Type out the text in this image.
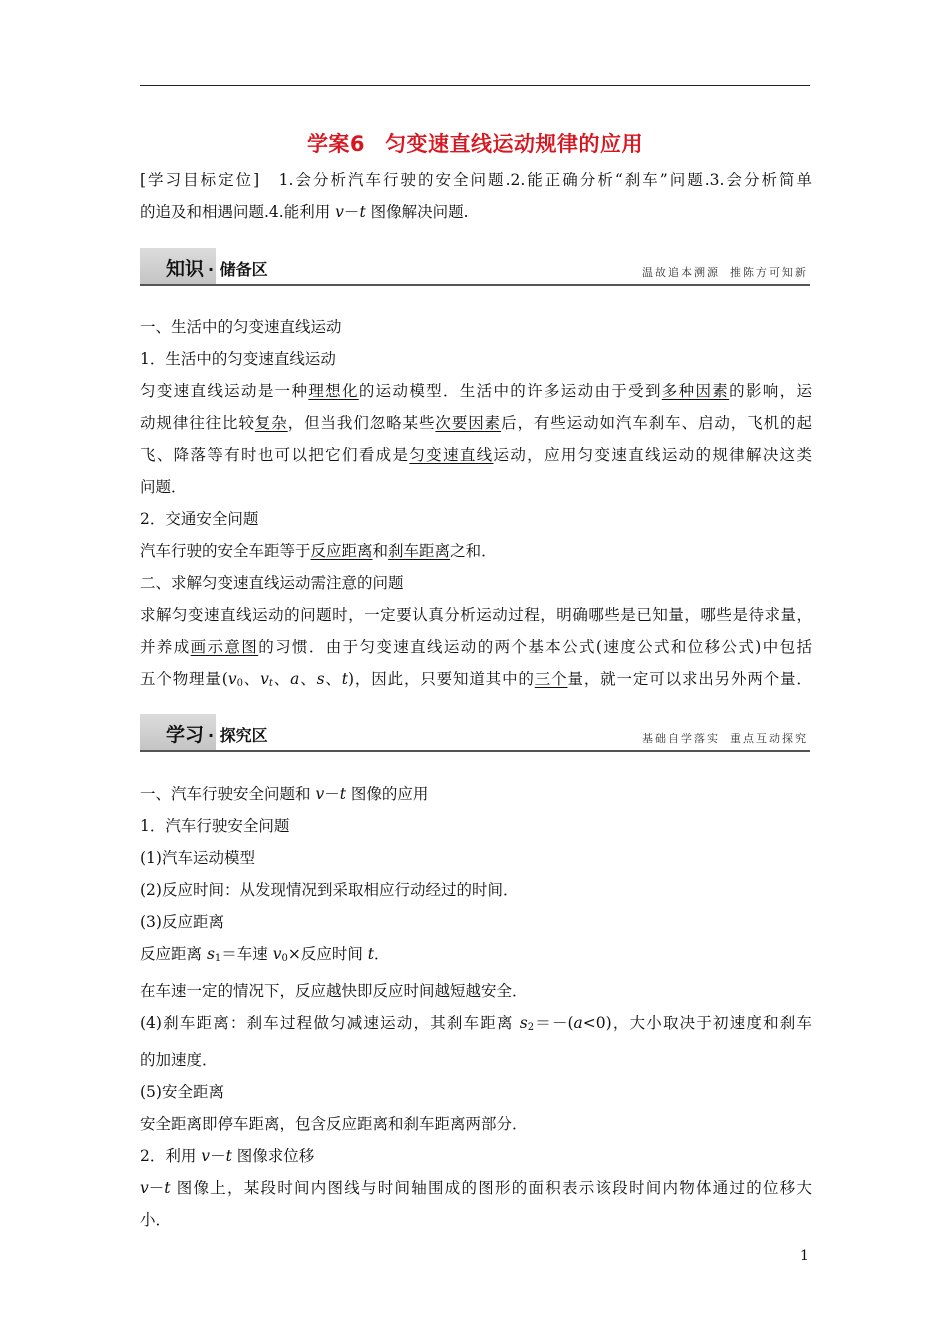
学案6 匀变速直线运动规律的应用
[学习目标定位]　1.会分析汽车行驶的安全问题.2.能正确分析“刹车”问题.3.会分析简单
的追及和相遇问题.4.能利用 v－t 图像解决问题.
知识 · 储备区	温故追本溯源 推陈方可知新
一、生活中的匀变速直线运动
1．生活中的匀变速直线运动
匀变速直线运动是一种理想化的运动模型．生活中的许多运动由于受到多种因素的影响，运
动规律往往比较复杂，但当我们忽略某些次要因素后，有些运动如汽车刹车、启动，飞机的起
飞、降落等有时也可以把它们看成是匀变速直线运动，应用匀变速直线运动的规律解决这类
问题．
2．交通安全问题
汽车行驶的安全车距等于反应距离和刹车距离之和．
二、求解匀变速直线运动需注意的问题
求解匀变速直线运动的问题时，一定要认真分析运动过程，明确哪些是已知量，哪些是待求量，
并养成画示意图的习惯．由于匀变速直线运动的两个基本公式(速度公式和位移公式)中包括
五个物理量($v_0$、$v_t$、a、s、t)，因此，只要知道其中的三个量，就一定可以求出另外两个量．
学习 · 探究区	基础自学落实 重点互动探究
一、汽车行驶安全问题和 v－t 图像的应用
1．汽车行驶安全问题
(1)汽车运动模型
(2)反应时间：从发现情况到采取相应行动经过的时间．
(3)反应距离
反应距离 $s_1=$车速 $v_0\times$反应时间 t．
在车速一定的情况下，反应越快即反应时间越短越安全．
(4)刹车距离：刹车过程做匀减速运动，其刹车距离 $s_2=-(a<0)$，大小取决于初速度和刹车
的加速度．
(5)安全距离
安全距离即停车距离，包含反应距离和刹车距离两部分．
2．利用 v－t 图像求位移
v－t 图像上，某段时间内图线与时间轴围成的图形的面积表示该段时间内物体通过的位移大
小．
1
